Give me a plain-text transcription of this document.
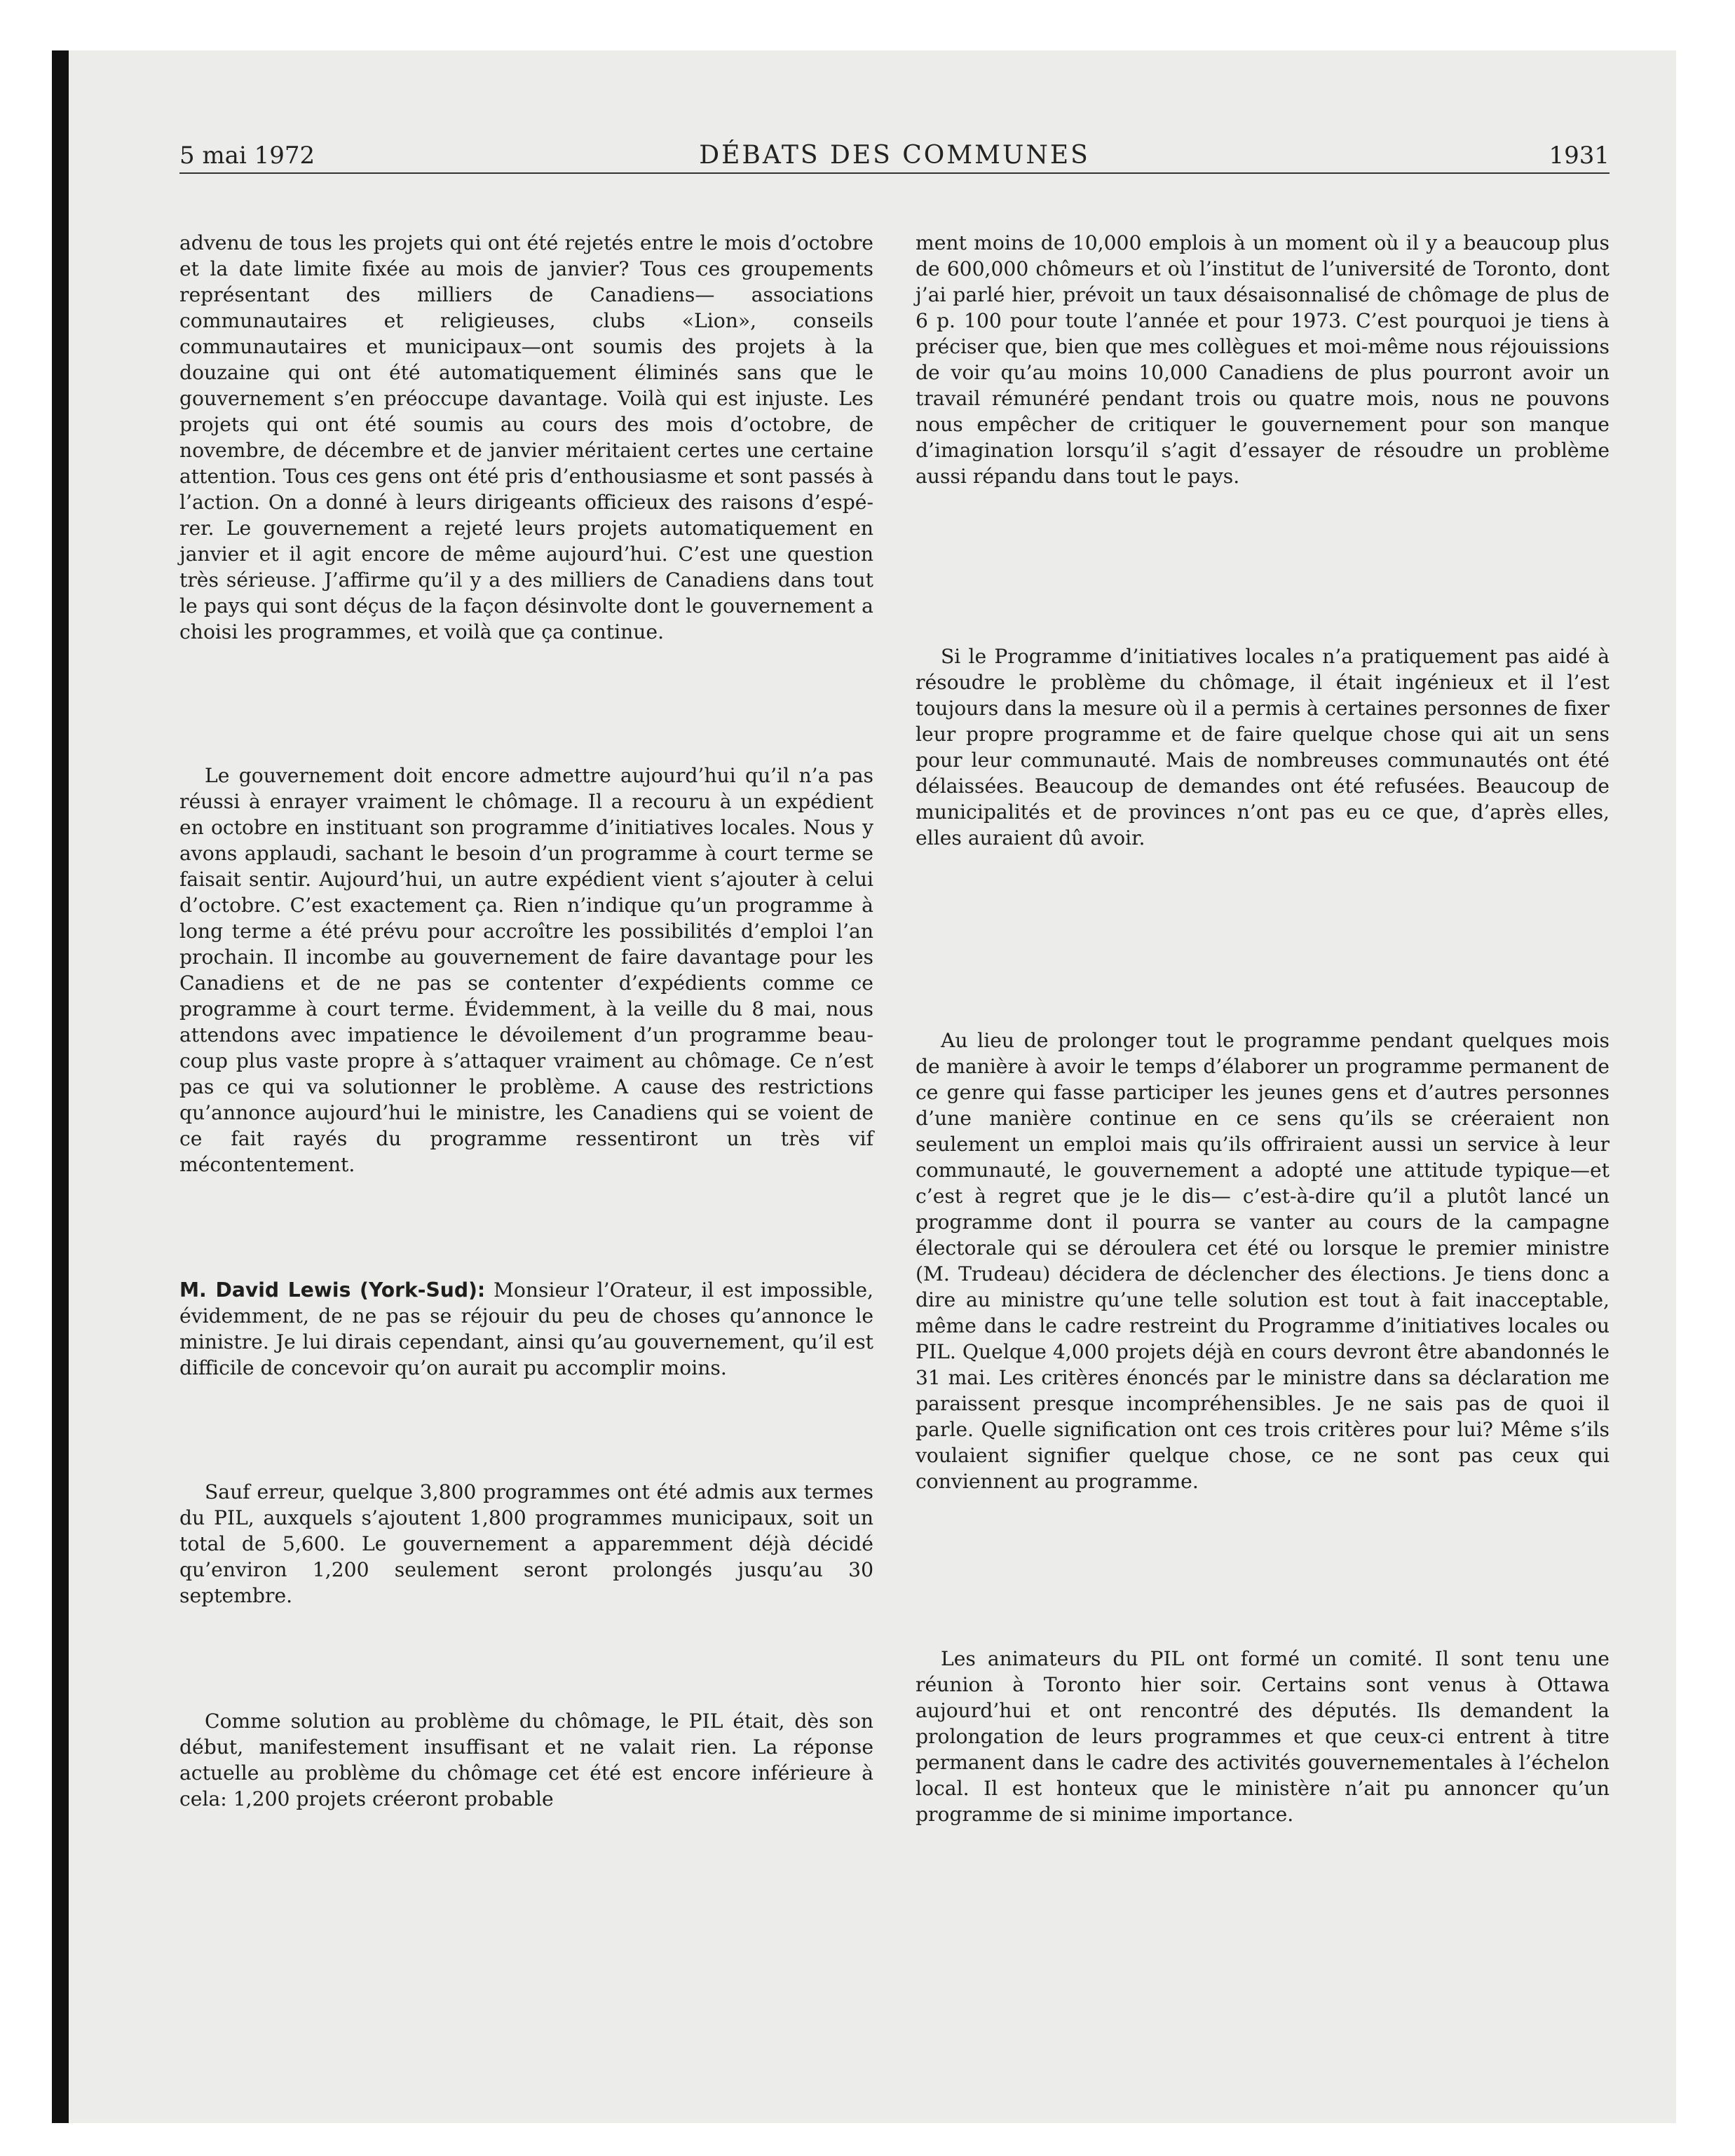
5 mai 1972	DÉBATS DES COMMUNES	1931

advenu de tous les projets qui ont été rejetés entre le mois d’octobre et la date limite fixée au mois de janvier? Tous ces groupements représentant des milliers de Canadiens— associations communautaires et religieuses, clubs «Lion», conseils communautaires et municipaux—ont soumis des projets à la douzaine qui ont été automatiquement éliminés sans que le gouvernement s’en préoccupe davantage. Voilà qui est injuste. Les projets qui ont été soumis au cours des mois d’octobre, de novembre, de décembre et de janvier méritaient certes une certaine attention. Tous ces gens ont été pris d’enthousiasme et sont passés à l’action. On a donné à leurs dirigeants officieux des raisons d’espérer. Le gouvernement a rejeté leurs projets automatiquement en janvier et il agit encore de même aujourd’hui. C’est une question très sérieuse. J’affirme qu’il y a des milliers de Canadiens dans tout le pays qui sont déçus de la façon désinvolte dont le gouvernement a choisi les programmes, et voilà que ça continue.

Le gouvernement doit encore admettre aujourd’hui qu’il n’a pas réussi à enrayer vraiment le chômage. Il a recouru à un expédient en octobre en instituant son programme d’initiatives locales. Nous y avons applaudi, sachant le besoin d’un programme à court terme se faisait sentir. Aujourd’hui, un autre expédient vient s’ajouter à celui d’octobre. C’est exactement ça. Rien n’indique qu’un programme à long terme a été prévu pour accroître les possibilités d’emploi l’an prochain. Il incombe au gouvernement de faire davantage pour les Canadiens et de ne pas se contenter d’expédients comme ce programme à court terme. Évidemment, à la veille du 8 mai, nous attendons avec impatience le dévoilement d’un programme beaucoup plus vaste propre à s’attaquer vraiment au chômage. Ce n’est pas ce qui va solutionner le problème. A cause des restrictions qu’annonce aujourd’hui le ministre, les Canadiens qui se voient de ce fait rayés du programme ressentiront un très vif mécontentement.

M. David Lewis (York-Sud): Monsieur l’Orateur, il est impossible, évidemment, de ne pas se réjouir du peu de choses qu’annonce le ministre. Je lui dirais cependant, ainsi qu’au gouvernement, qu’il est difficile de concevoir qu’on aurait pu accomplir moins.

Sauf erreur, quelque 3,800 programmes ont été admis aux termes du PIL, auxquels s’ajoutent 1,800 programmes municipaux, soit un total de 5,600. Le gouvernement a apparemment déjà décidé qu’environ 1,200 seulement seront prolongés jusqu’au 30 septembre.

Comme solution au problème du chômage, le PIL était, dès son début, manifestement insuffisant et ne valait rien. La réponse actuelle au problème du chômage cet été est encore inférieure à cela: 1,200 projets créeront probable

ment moins de 10,000 emplois à un moment où il y a beaucoup plus de 600,000 chômeurs et où l’institut de l’université de Toronto, dont j’ai parlé hier, prévoit un taux désaisonnalisé de chômage de plus de 6 p. 100 pour toute l’année et pour 1973. C’est pourquoi je tiens à préciser que, bien que mes collègues et moi-même nous réjouissions de voir qu’au moins 10,000 Canadiens de plus pourront avoir un travail rémunéré pendant trois ou quatre mois, nous ne pouvons nous empêcher de critiquer le gouvernement pour son manque d’imagination lorsqu’il s’agit d’essayer de résoudre un problème aussi répandu dans tout le pays.

Si le Programme d’initiatives locales n’a pratiquement pas aidé à résoudre le problème du chômage, il était ingénieux et il l’est toujours dans la mesure où il a permis à certaines personnes de fixer leur propre programme et de faire quelque chose qui ait un sens pour leur communauté. Mais de nombreuses communautés ont été délaissées. Beaucoup de demandes ont été refusées. Beaucoup de municipalités et de provinces n’ont pas eu ce que, d’après elles, elles auraient dû avoir.

Au lieu de prolonger tout le programme pendant quelques mois de manière à avoir le temps d’élaborer un programme permanent de ce genre qui fasse participer les jeunes gens et d’autres personnes d’une manière continue en ce sens qu’ils se créeraient non seulement un emploi mais qu’ils offriraient aussi un service à leur communauté, le gouvernement a adopté une attitude typique—et c’est à regret que je le dis— c’est-à-dire qu’il a plutôt lancé un programme dont il pourra se vanter au cours de la campagne électorale qui se déroulera cet été ou lorsque le premier ministre (M. Trudeau) décidera de déclencher des élections. Je tiens donc a dire au ministre qu’une telle solution est tout à fait inacceptable, même dans le cadre restreint du Programme d’initiatives locales ou PIL. Quelque 4,000 projets déjà en cours devront être abandonnés le 31 mai. Les critères énoncés par le ministre dans sa déclaration me paraissent presque incompréhensibles. Je ne sais pas de quoi il parle. Quelle signification ont ces trois critères pour lui? Même s’ils voulaient signifier quelque chose, ce ne sont pas ceux qui conviennent au programme.

Les animateurs du PIL ont formé un comité. Il sont tenu une réunion à Toronto hier soir. Certains sont venus à Ottawa aujourd’hui et ont rencontré des députés. Ils demandent la prolongation de leurs programmes et que ceux-ci entrent à titre permanent dans le cadre des activités gouvernementales à l’échelon local. Il est honteux que le ministère n’ait pu annoncer qu’un programme de si minime importance.
